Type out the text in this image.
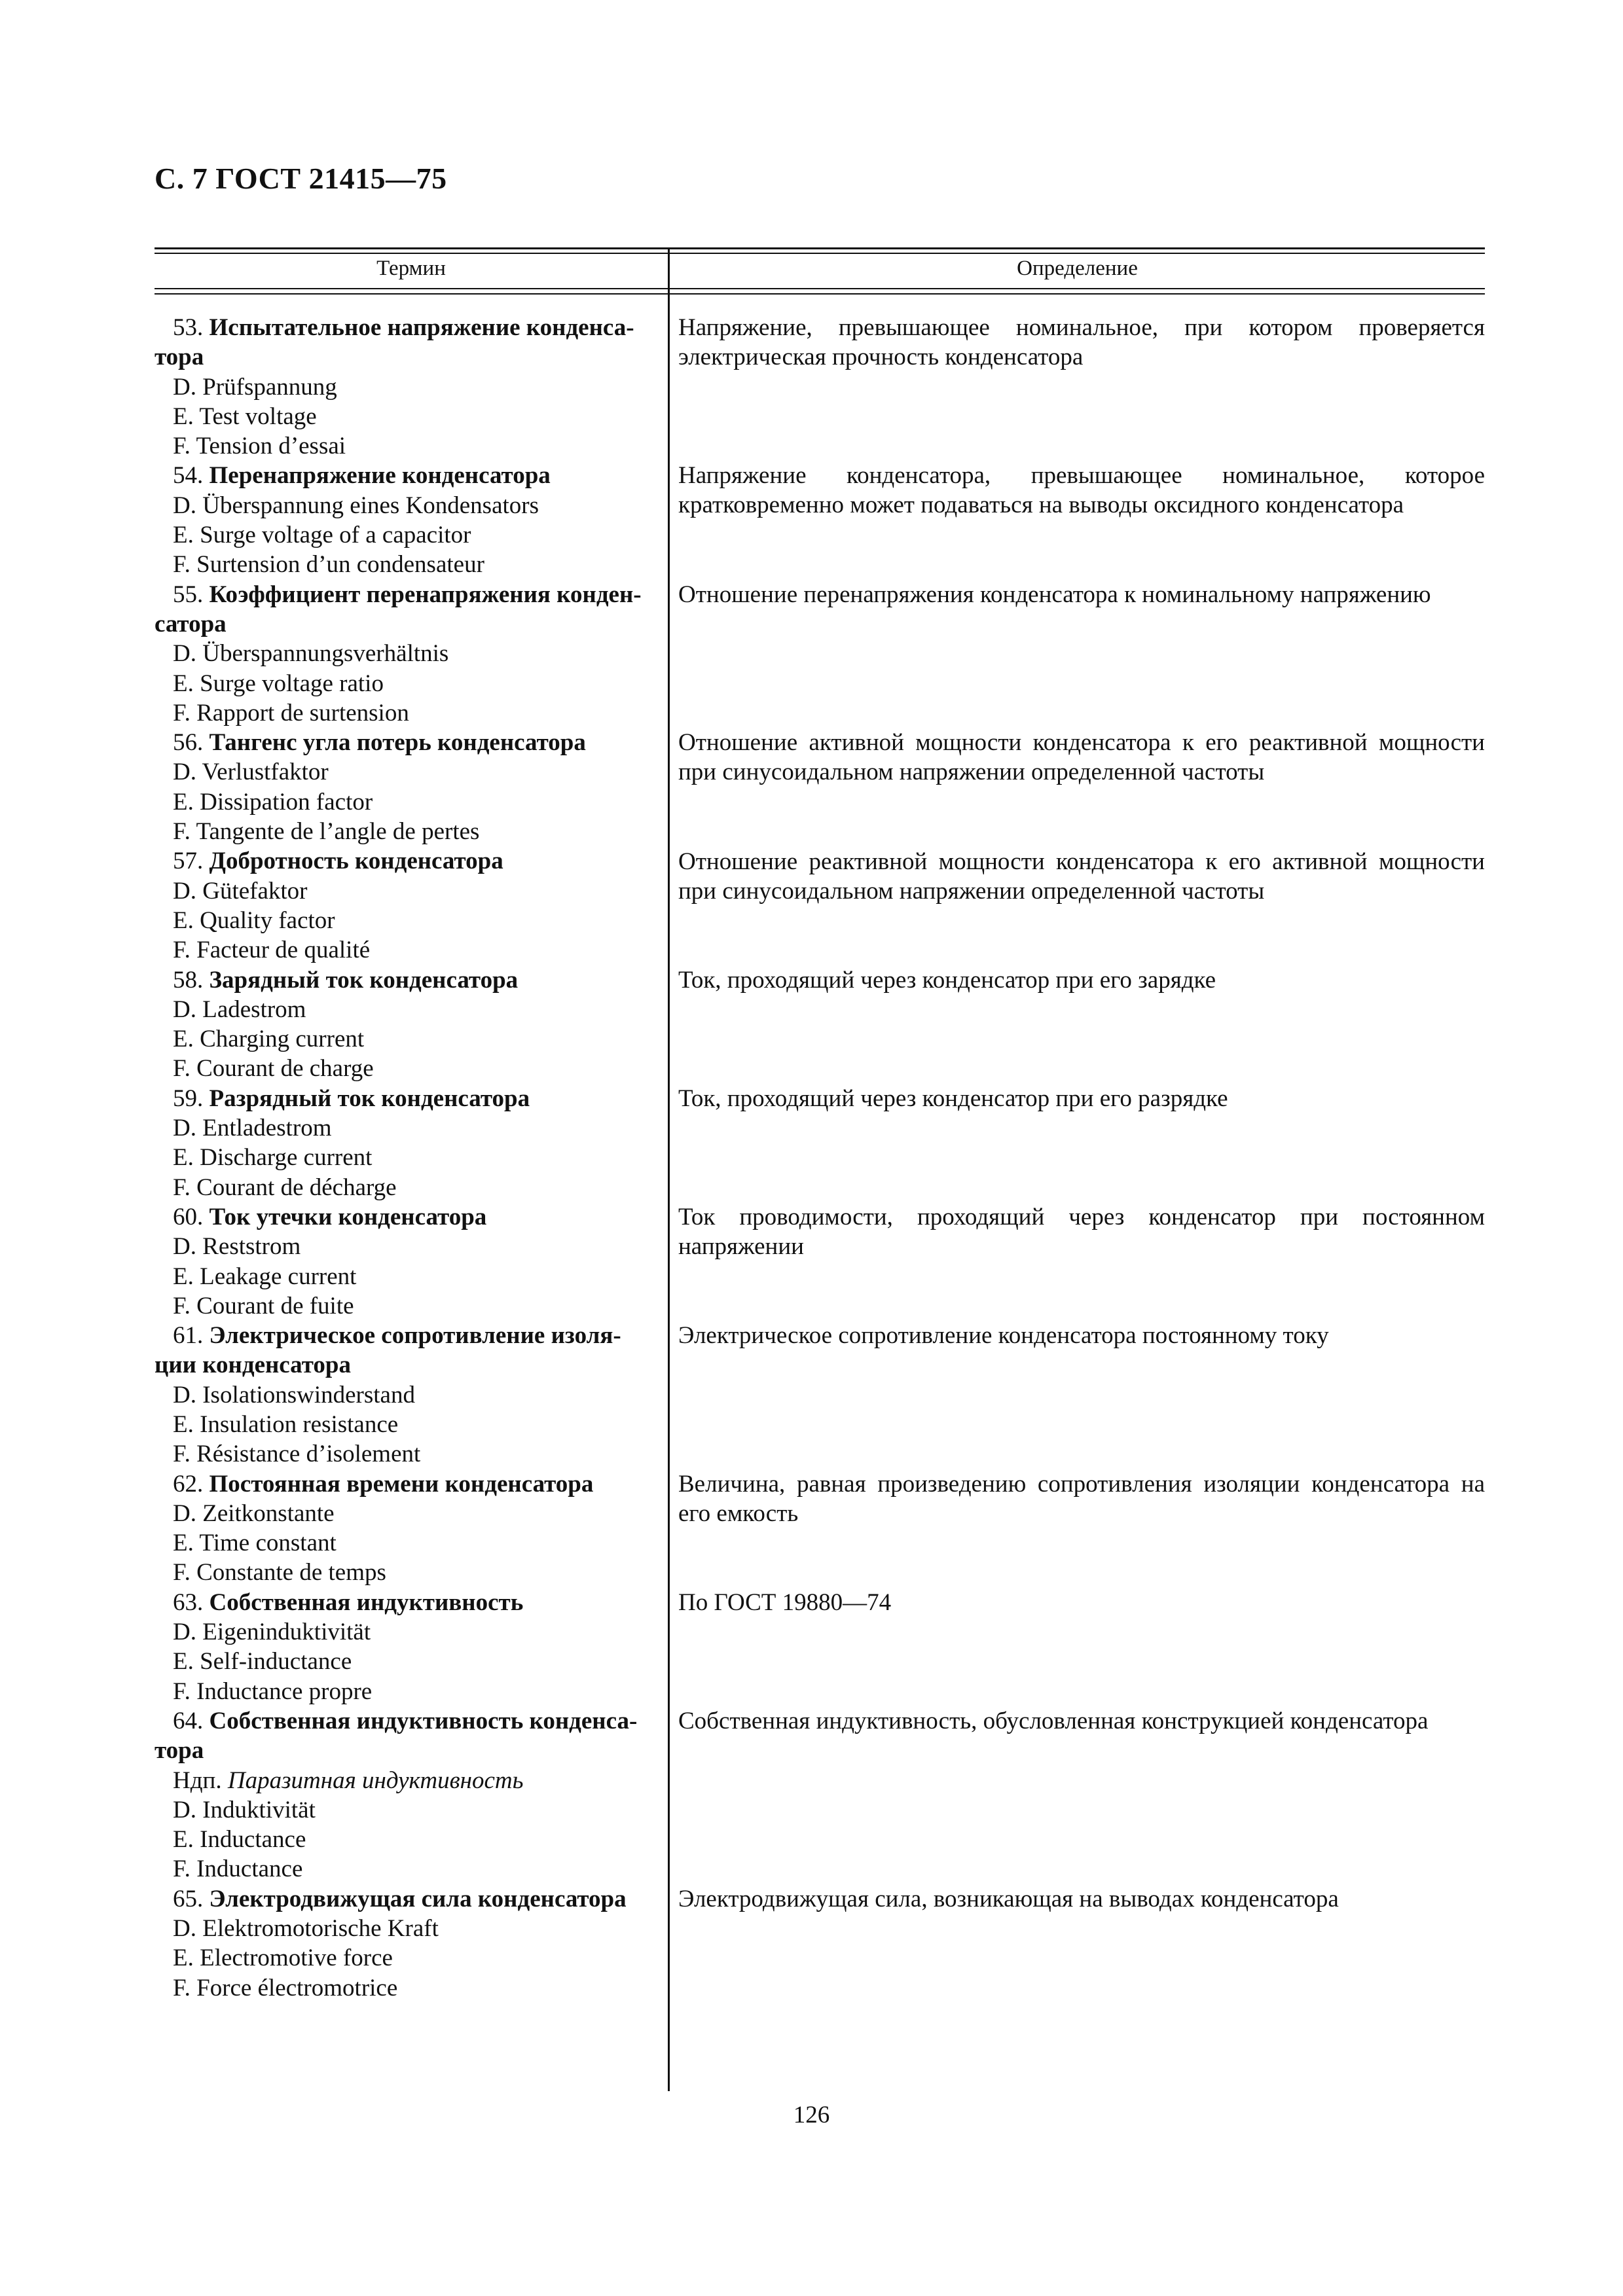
С. 7 ГОСТ 21415—75
Термин	Определение
53. Испытательное напряжение конденса-
тора
D. Prüfspannung
E. Test voltage
F. Tension d’essai
54. Перенапряжение конденсатора
D. Überspannung eines Kondensators
E. Surge voltage of a capacitor
F. Surtension d’un condensateur
55. Коэффициент перенапряжения конден-
сатора
D. Überspannungsverhältnis
E. Surge voltage ratio
F. Rapport de surtension
56. Тангенс угла потерь конденсатора
D. Verlustfaktor
E. Dissipation factor
F. Tangente de l’angle de pertes
57. Добротность конденсатора
D. Gütefaktor
E. Quality factor
F. Facteur de qualité
58. Зарядный ток конденсатора
D. Ladestrom
E. Charging current
F. Courant de charge
59. Разрядный ток конденсатора
D. Entladestrom
E. Discharge current
F. Courant de décharge
60. Ток утечки конденсатора
D. Reststrom
E. Leakage current
F. Courant de fuite
61. Электрическое сопротивление изоля-
ции конденсатора
D. Isolationswinderstand
E. Insulation resistance
F. Résistance d’isolement
62. Постоянная времени конденсатора
D. Zeitkonstante
E. Time constant
F. Constante de temps
63. Собственная индуктивность
D. Eigeninduktivität
E. Self-inductance
F. Inductance propre
64. Собственная индуктивность конденса-
тора
Ндп. Паразитная индуктивность
D. Induktivität
E. Inductance
F. Inductance
65. Электродвижущая сила конденсатора
D. Elektromotorische Kraft
E. Electromotive force
F. Force électromotrice
Напряжение, превышающее номинальное, при котором проверяется электрическая прочность конденсатора
Напряжение конденсатора, превышающее номинальное, которое кратковременно может подаваться на выводы оксидного конденсатора
Отношение перенапряжения конденсатора к номинальному напряжению
Отношение активной мощности конденсатора к его реактивной мощности при синусоидальном напряжении определенной частоты
Отношение реактивной мощности конденсатора к его активной мощности при синусоидальном напряжении определенной частоты
Ток, проходящий через конденсатор при его зарядке
Ток, проходящий через конденсатор при его разрядке
Ток проводимости, проходящий через конденсатор при постоянном напряжении
Электрическое сопротивление конденсатора постоянному току
Величина, равная произведению сопротивления изоляции конденсатора на его емкость
По ГОСТ 19880—74
Собственная индуктивность, обусловленная конструкцией конденсатора
Электродвижущая сила, возникающая на выводах конденсатора
126
